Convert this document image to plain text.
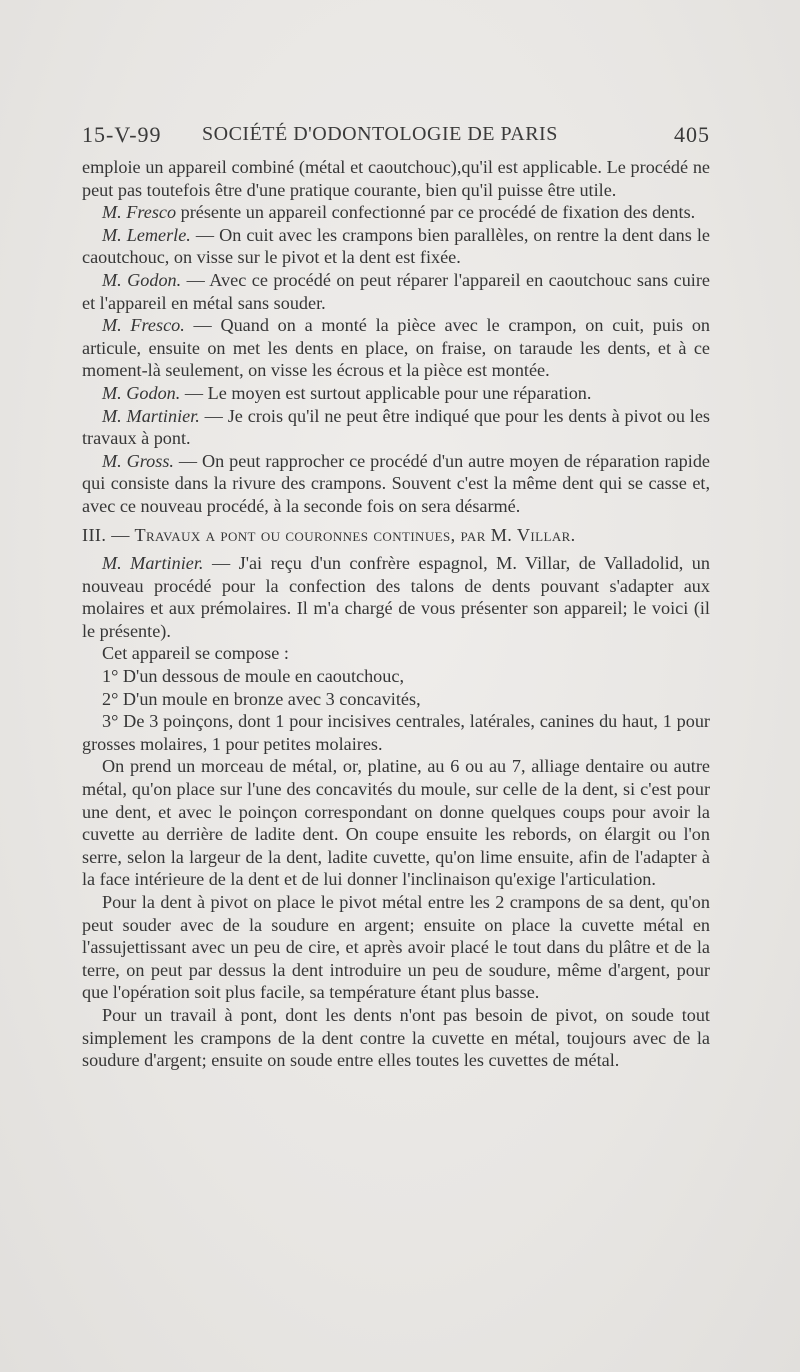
15-V-99 SOCIÉTÉ D'ODONTOLOGIE DE PARIS	405

emploie un appareil combiné (métal et caoutchouc),qu'il est applicable. Le procédé ne peut pas toutefois être d'une pratique courante, bien qu'il puisse être utile.

M. Fresco présente un appareil confectionné par ce procédé de fixation des dents.

M. Lemerle. — On cuit avec les crampons bien parallèles, on rentre la dent dans le caoutchouc, on visse sur le pivot et la dent est fixée.

M. Godon. — Avec ce procédé on peut réparer l'appareil en caoutchouc sans cuire et l'appareil en métal sans souder.

M. Fresco. — Quand on a monté la pièce avec le crampon, on cuit, puis on articule, ensuite on met les dents en place, on fraise, on taraude les dents, et à ce moment-là seulement, on visse les écrous et la pièce est montée.

M. Godon. — Le moyen est surtout applicable pour une réparation.

M. Martinier. — Je crois qu'il ne peut être indiqué que pour les dents à pivot ou les travaux à pont.

M. Gross. — On peut rapprocher ce procédé d'un autre moyen de réparation rapide qui consiste dans la rivure des crampons. Souvent c'est la même dent qui se casse et, avec ce nouveau procédé, à la seconde fois on sera désarmé.

III. — Travaux a pont ou couronnes continues, par M. Villar.

M. Martinier. — J'ai reçu d'un confrère espagnol, M. Villar, de Valladolid, un nouveau procédé pour la confection des talons de dents pouvant s'adapter aux molaires et aux prémolaires. Il m'a chargé de vous présenter son appareil; le voici (il le présente).

Cet appareil se compose :

1° D'un dessous de moule en caoutchouc,

2° D'un moule en bronze avec 3 concavités,

3° De 3 poinçons, dont 1 pour incisives centrales, latérales, canines du haut, 1 pour grosses molaires, 1 pour petites molaires.

On prend un morceau de métal, or, platine, au 6 ou au 7, alliage dentaire ou autre métal, qu'on place sur l'une des concavités du moule, sur celle de la dent, si c'est pour une dent, et avec le poinçon correspondant on donne quelques coups pour avoir la cuvette au derrière de ladite dent. On coupe ensuite les rebords, on élargit ou l'on serre, selon la largeur de la dent, ladite cuvette, qu'on lime ensuite, afin de l'adapter à la face intérieure de la dent et de lui donner l'inclinaison qu'exige l'articulation.

Pour la dent à pivot on place le pivot métal entre les 2 crampons de sa dent, qu'on peut souder avec de la soudure en argent; ensuite on place la cuvette métal en l'assujettissant avec un peu de cire, et après avoir placé le tout dans du plâtre et de la terre, on peut par dessus la dent introduire un peu de soudure, même d'argent, pour que l'opération soit plus facile, sa température étant plus basse.

Pour un travail à pont, dont les dents n'ont pas besoin de pivot, on soude tout simplement les crampons de la dent contre la cuvette en métal, toujours avec de la soudure d'argent; ensuite on soude entre elles toutes les cuvettes de métal.
